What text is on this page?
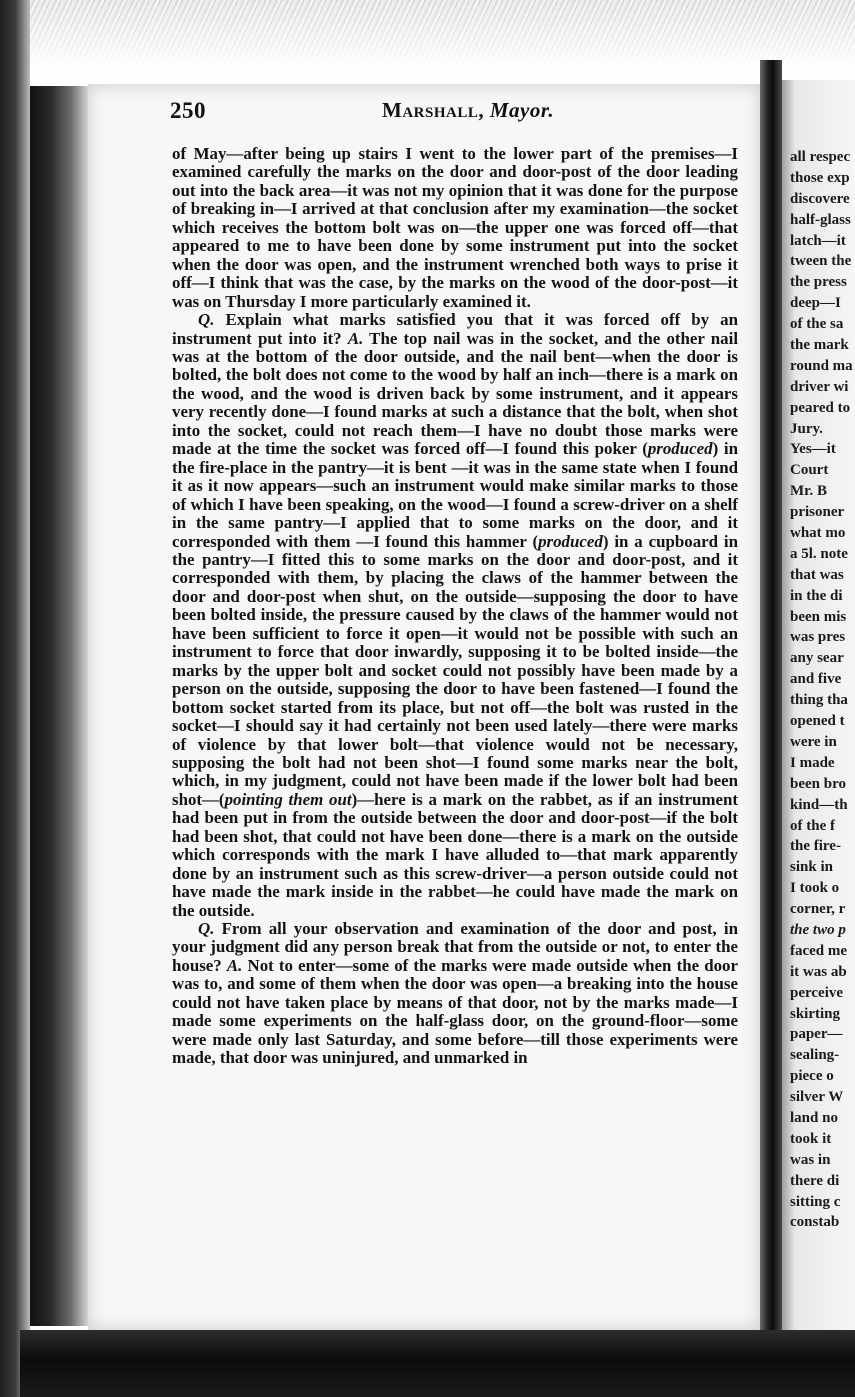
250	Marshall, Mayor.

of May—after being up stairs I went to the lower part of the premises—I examined carefully the marks on the door and door-post of the door leading out into the back area—it was not my opinion that it was done for the purpose of breaking in—I arrived at that conclusion after my examination—the socket which receives the bottom bolt was on—the upper one was forced off—that appeared to me to have been done by some instrument put into the socket when the door was open, and the instrument wrenched both ways to prise it off—I think that was the case, by the marks on the wood of the door-post—it was on Thursday I more particularly examined it.

Q. Explain what marks satisfied you that it was forced off by an instrument put into it? A. The top nail was in the socket, and the other nail was at the bottom of the door outside, and the nail bent—when the door is bolted, the bolt does not come to the wood by half an inch—there is a mark on the wood, and the wood is driven back by some instrument, and it appears very recently done—I found marks at such a distance that the bolt, when shot into the socket, could not reach them—I have no doubt those marks were made at the time the socket was forced off—I found this poker (produced) in the fire-place in the pantry—it is bent —it was in the same state when I found it as it now appears—such an instrument would make similar marks to those of which I have been speaking, on the wood—I found a screw-driver on a shelf in the same pantry—I applied that to some marks on the door, and it corresponded with them —I found this hammer (produced) in a cupboard in the pantry—I fitted this to some marks on the door and door-post, and it corresponded with them, by placing the claws of the hammer between the door and door-post when shut, on the outside—supposing the door to have been bolted inside, the pressure caused by the claws of the hammer would not have been sufficient to force it open—it would not be possible with such an instrument to force that door inwardly, supposing it to be bolted inside—the marks by the upper bolt and socket could not possibly have been made by a person on the outside, supposing the door to have been fastened—I found the bottom socket started from its place, but not off—the bolt was rusted in the socket—I should say it had certainly not been used lately—there were marks of violence by that lower bolt—that violence would not be necessary, supposing the bolt had not been shot—I found some marks near the bolt, which, in my judgment, could not have been made if the lower bolt had been shot—(pointing them out)—here is a mark on the rabbet, as if an instrument had been put in from the outside between the door and door-post—if the bolt had been shot, that could not have been done—there is a mark on the outside which corresponds with the mark I have alluded to—that mark apparently done by an instrument such as this screw-driver—a person outside could not have made the mark inside in the rabbet—he could have made the mark on the outside.

Q. From all your observation and examination of the door and post, in your judgment did any person break that from the outside or not, to enter the house? A. Not to enter—some of the marks were made outside when the door was to, and some of them when the door was open—a breaking into the house could not have taken place by means of that door, not by the marks made—I made some experiments on the half-glass door, on the ground-floor—some were made only last Saturday, and some before—till those experiments were made, that door was uninjured, and unmarked in

all respec
those exp
discovere
half-glass
latch—it
tween the
the press
deep—I
of the sa
the mark
round ma
driver wi
peared to
Jury.
Yes—it
Court
Mr. B
prisoner
what mo
a 5l. note
that was
in the di
been mis
was pres
any sear
and five
thing tha
opened t
were in
I made
been bro
kind—th
of the f
the fire-
sink in
I took o
corner, r
the two p
faced me
it was ab
perceive
skirting
paper—
sealing-
piece o
silver W
land no
took it
was in
there di
sitting c
constab
